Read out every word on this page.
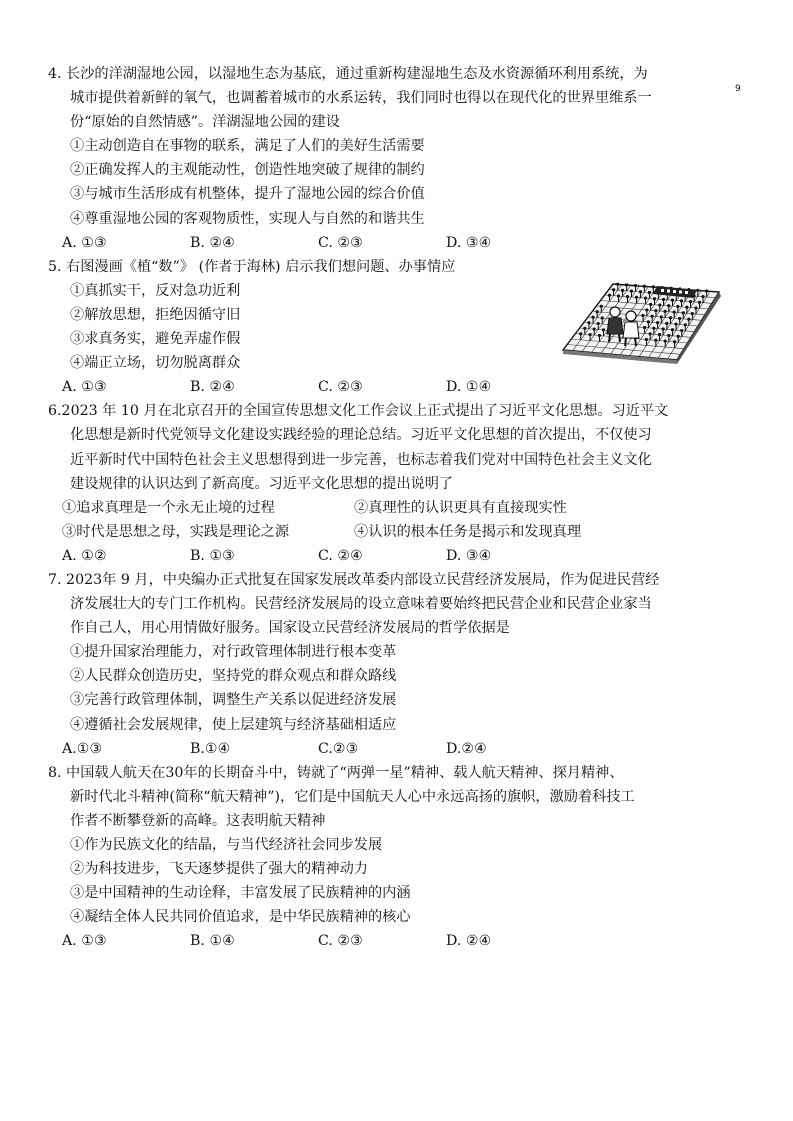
9

4. 长沙的洋湖湿地公园，以湿地生态为基底，通过重新构建湿地生态及水资源循环利用系统，为
城市提供着新鲜的氧气，也调蓄着城市的水系运转，我们同时也得以在现代化的世界里维系一
份“原始的自然情感”。洋湖湿地公园的建设

①主动创造自在事物的联系，满足了人们的美好生活需要

②正确发挥人的主观能动性，创造性地突破了规律的制约

③与城市生活形成有机整体，提升了湿地公园的综合价值

④尊重湿地公园的客观物质性，实现人与自然的和谐共生

A. ①③	B. ②④	C. ②③	D. ③④

5. 右图漫画《植“数”》 (作者于海林) 启示我们想问题、办事情应

①真抓实干，反对急功近利

②解放思想，拒绝因循守旧

③求真务实，避免弄虚作假

④端正立场，切勿脱离群众

A. ①③	B. ②④	C. ②③	D. ①④

6.2023 年 10 月在北京召开的全国宣传思想文化工作会议上正式提出了习近平文化思想。习近平文
化思想是新时代党领导文化建设实践经验的理论总结。习近平文化思想的首次提出，不仅使习
近平新时代中国特色社会主义思想得到进一步完善，也标志着我们党对中国特色社会主义文化
建设规律的认识达到了新高度。习近平文化思想的提出说明了

①追求真理是一个永无止境的过程	②真理性的认识更具有直接现实性
③时代是思想之母，实践是理论之源	④认识的根本任务是揭示和发现真理
A. ①②	B. ①③	C. ②④	D. ③④

7. 2023年 9 月，中央编办正式批复在国家发展改革委内部设立民营经济发展局，作为促进民营经
济发展壮大的专门工作机构。民营经济发展局的设立意味着要始终把民营企业和民营企业家当
作自己人，用心用情做好服务。国家设立民营经济发展局的哲学依据是

①提升国家治理能力，对行政管理体制进行根本变革

②人民群众创造历史，坚持党的群众观点和群众路线

③完善行政管理体制，调整生产关系以促进经济发展

④遵循社会发展规律，使上层建筑与经济基础相适应

A.①③	B.①④	C.②③	D.②④

8. 中国载人航天在30年的长期奋斗中，铸就了“两弹一星”精神、载人航天精神、探月精神、
新时代北斗精神(简称“航天精神”)，它们是中国航天人心中永远高扬的旗帜，激励着科技工
作者不断攀登新的高峰。这表明航天精神

①作为民族文化的结晶，与当代经济社会同步发展

②为科技进步，飞天逐梦提供了强大的精神动力

③是中国精神的生动诠释，丰富发展了民族精神的内涵

④凝结全体人民共同价值追求，是中华民族精神的核心

A. ①③	B. ①④	C. ②③	D. ②④
